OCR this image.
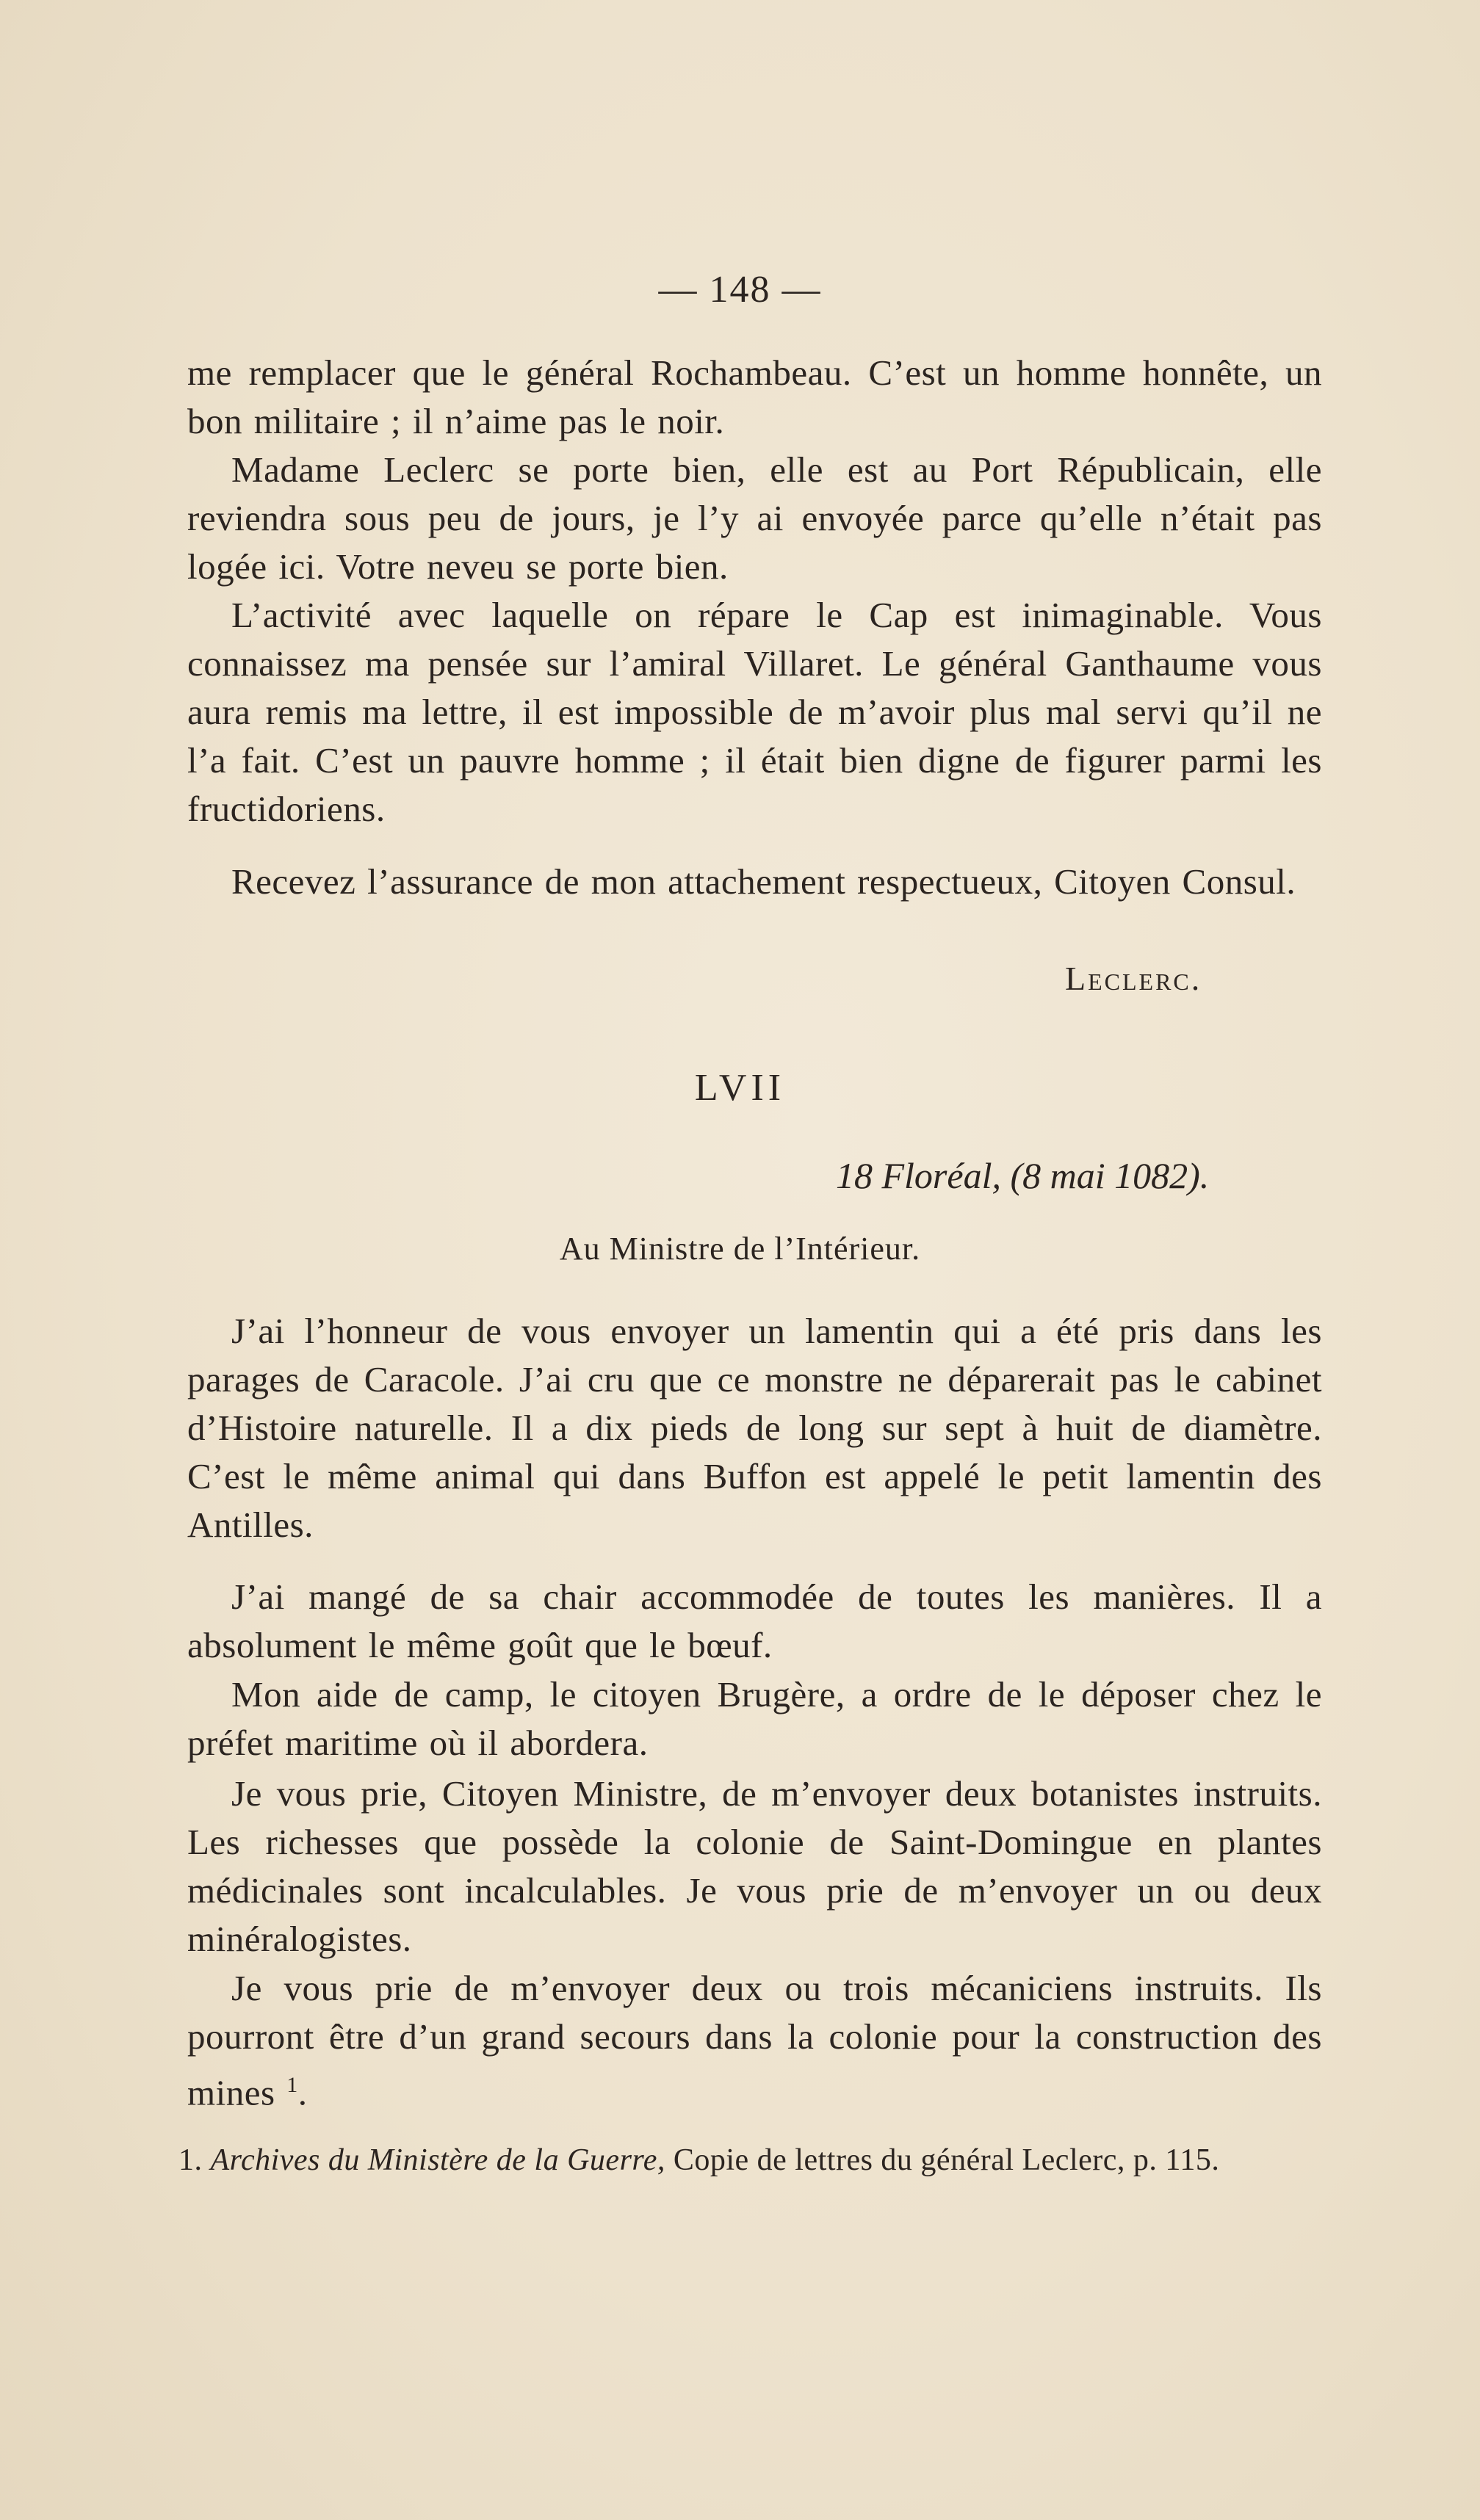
— 148 —
me remplacer que le général Rochambeau. C’est un homme honnête, un bon militaire ; il n’aime pas le noir.
Madame Leclerc se porte bien, elle est au Port Républicain, elle reviendra sous peu de jours, je l’y ai envoyée parce qu’elle n’était pas logée ici. Votre neveu se porte bien.
L’activité avec laquelle on répare le Cap est inimaginable. Vous connaissez ma pensée sur l’amiral Villaret. Le général Ganthaume vous aura remis ma lettre, il est impossible de m’avoir plus mal servi qu’il ne l’a fait. C’est un pauvre homme ; il était bien digne de figurer parmi les fructidoriens.
Recevez l’assurance de mon attachement respectueux, Citoyen Consul.
Leclerc.
LVII
18 Floréal, (8 mai 1082).
Au Ministre de l’Intérieur.
J’ai l’honneur de vous envoyer un lamentin qui a été pris dans les parages de Caracole. J’ai cru que ce monstre ne déparerait pas le cabinet d’Histoire naturelle. Il a dix pieds de long sur sept à huit de diamètre. C’est le même animal qui dans Buffon est appelé le petit lamentin des Antilles.
J’ai mangé de sa chair accommodée de toutes les manières. Il a absolument le même goût que le bœuf.
Mon aide de camp, le citoyen Brugère, a ordre de le déposer chez le préfet maritime où il abordera.
Je vous prie, Citoyen Ministre, de m’envoyer deux botanistes instruits. Les richesses que possède la colonie de Saint-Domingue en plantes médicinales sont incalculables. Je vous prie de m’envoyer un ou deux minéralogistes.
Je vous prie de m’envoyer deux ou trois mécaniciens instruits. Ils pourront être d’un grand secours dans la colonie pour la construction des mines $^1$.
1. Archives du Ministère de la Guerre, Copie de lettres du général Leclerc, p. 115.
